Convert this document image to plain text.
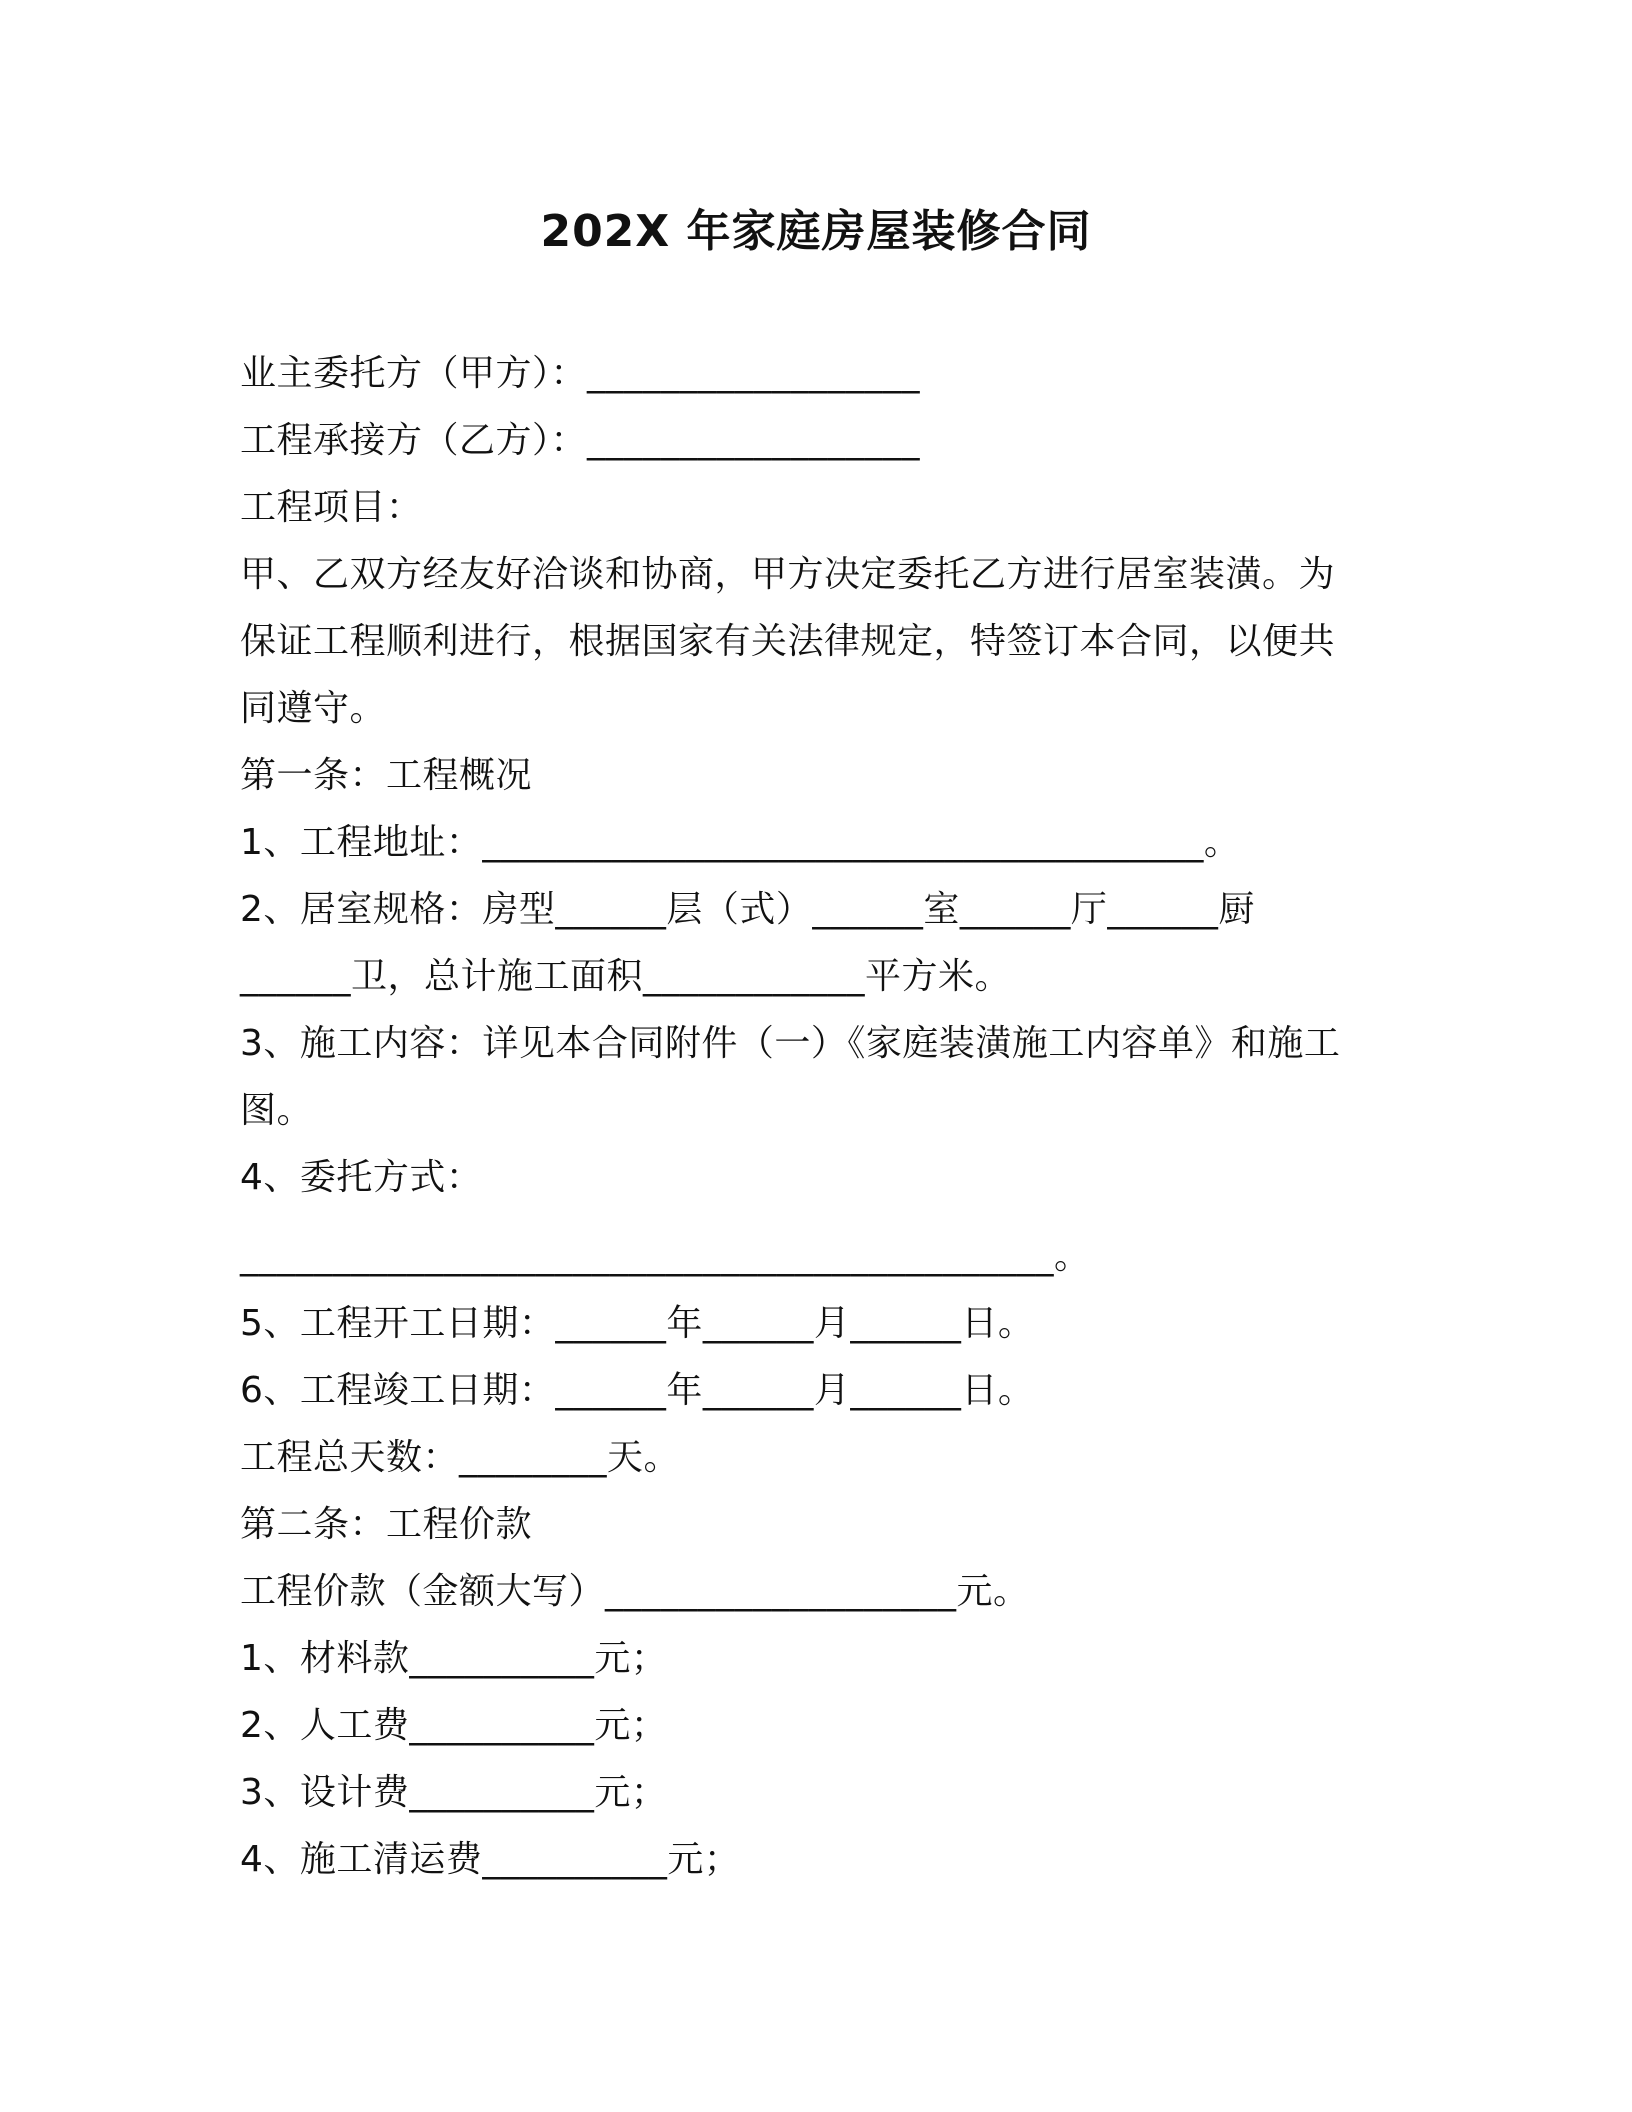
202X 年家庭房屋装修合同
业主委托方（甲方）：__________________
工程承接方（乙方）：__________________
工程项目：
甲、乙双方经友好洽谈和协商，甲方决定委托乙方进行居室装潢。为
保证工程顺利进行，根据国家有关法律规定，特签订本合同，以便共
同遵守。
第一条：工程概况
1、工程地址：_______________________________________。
2、居室规格：房型______层（式）______室______厅______厨
______卫，总计施工面积____________平方米。
3、施工内容：详见本合同附件（一）《家庭装潢施工内容单》和施工
图。
4、委托方式：
____________________________________________。
5、工程开工日期：______年______月______日。
6、工程竣工日期：______年______月______日。
工程总天数：________天。
第二条：工程价款
工程价款（金额大写）___________________元。
1、材料款__________元；
2、人工费__________元；
3、设计费__________元；
4、施工清运费__________元；
